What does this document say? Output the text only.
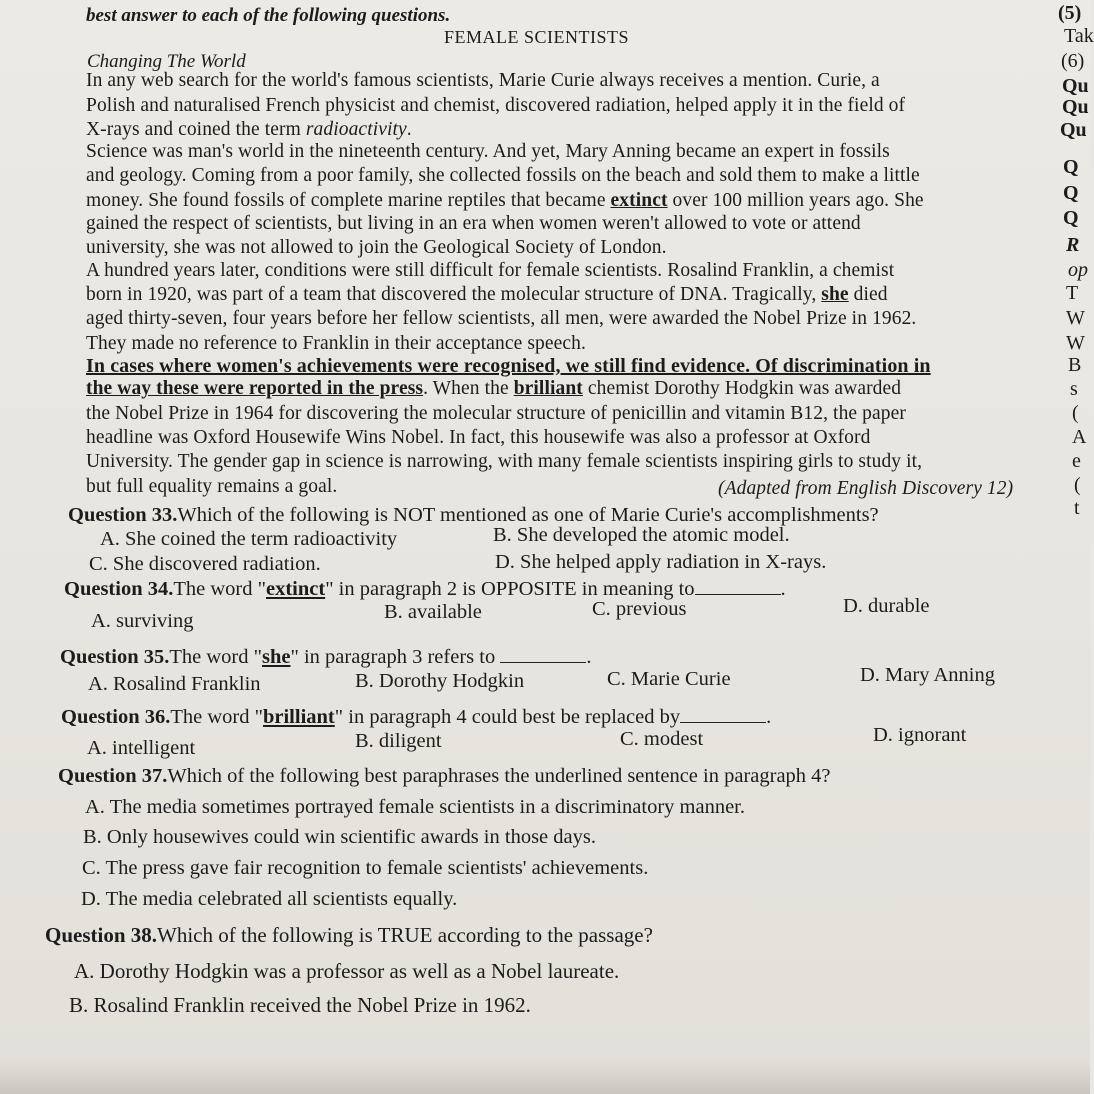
best answer to each of the following questions.
FEMALE SCIENTISTS
Changing The World
In any web search for the world's famous scientists, Marie Curie always receives a mention. Curie, a
Polish and naturalised French physicist and chemist, discovered radiation, helped apply it in the field of
X-rays and coined the term radioactivity.
Science was man's world in the nineteenth century. And yet, Mary Anning became an expert in fossils
and geology. Coming from a poor family, she collected fossils on the beach and sold them to make a little
money. She found fossils of complete marine reptiles that became extinct over 100 million years ago. She
gained the respect of scientists, but living in an era when women weren't allowed to vote or attend
university, she was not allowed to join the Geological Society of London.
A hundred years later, conditions were still difficult for female scientists. Rosalind Franklin, a chemist
born in 1920, was part of a team that discovered the molecular structure of DNA. Tragically, she died
aged thirty-seven, four years before her fellow scientists, all men, were awarded the Nobel Prize in 1962.
They made no reference to Franklin in their acceptance speech.
In cases where women's achievements were recognised, we still find evidence. Of discrimination in
the way these were reported in the press. When the brilliant chemist Dorothy Hodgkin was awarded
the Nobel Prize in 1964 for discovering the molecular structure of penicillin and vitamin B12, the paper
headline was Oxford Housewife Wins Nobel. In fact, this housewife was also a professor at Oxford
University. The gender gap in science is narrowing, with many female scientists inspiring girls to study it,
but full equality remains a goal.	(Adapted from English Discovery 12)
Question 33.Which of the following is NOT mentioned as one of Marie Curie's accomplishments?
A. She coined the term radioactivity	B. She developed the atomic model.
C. She discovered radiation.	D. She helped apply radiation in X-rays.
Question 34.The word "extinct" in paragraph 2 is OPPOSITE in meaning to	.
A. surviving	B. available	C. previous	D. durable
Question 35.The word "she" in paragraph 3 refers to	.
A. Rosalind Franklin	B. Dorothy Hodgkin	C. Marie Curie	D. Mary Anning
Question 36.The word "brilliant" in paragraph 4 could best be replaced by	.
A. intelligent	B. diligent	C. modest	D. ignorant
Question 37.Which of the following best paraphrases the underlined sentence in paragraph 4?
A. The media sometimes portrayed female scientists in a discriminatory manner.
B. Only housewives could win scientific awards in those days.
C. The press gave fair recognition to female scientists' achievements.
D. The media celebrated all scientists equally.
Question 38.Which of the following is TRUE according to the passage?
A. Dorothy Hodgkin was a professor as well as a Nobel laureate.
B. Rosalind Franklin received the Nobel Prize in 1962.
(5)
Tak
(6)
Qu
Qu
Qu
Q
Q
Q
R
op
T
W
W
B
s
(
A
e
(
t
